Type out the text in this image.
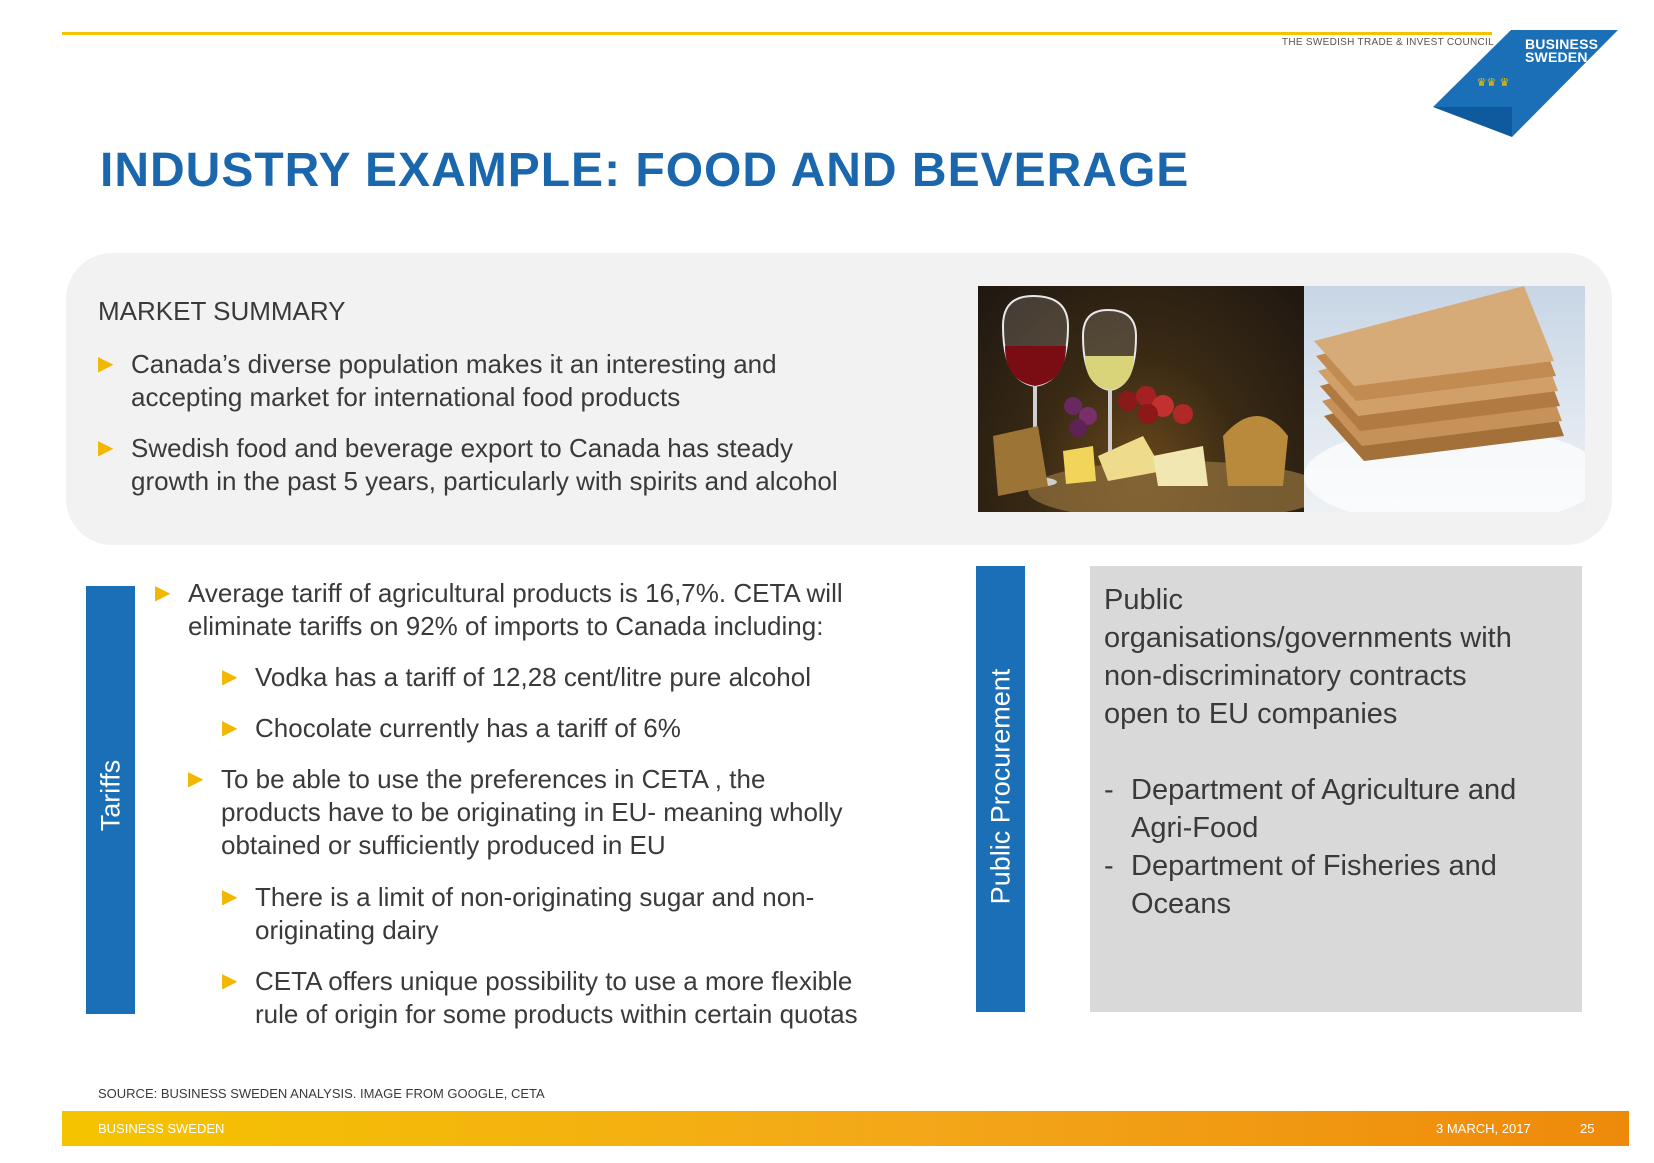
THE SWEDISH TRADE & INVEST COUNCIL BUSINESS
SWEDEN
♛♛ ♛
INDUSTRY EXAMPLE: FOOD AND BEVERAGE
MARKET SUMMARY
▶ Canada’s diverse population makes it an interesting and
accepting market for international food products
▶ Swedish food and beverage export to Canada has steady
growth in the past 5 years, particularly with spirits and alcohol
Tariffs
▶ Average tariff of agricultural products is 16,7%. CETA will
eliminate tariffs on 92% of imports to Canada including:
▶ Vodka has a tariff of 12,28 cent/litre pure alcohol
▶ Chocolate currently has a tariff of 6%
▶ To be able to use the preferences in CETA , the
products have to be originating in EU- meaning wholly
obtained or sufficiently produced in EU
▶ There is a limit of non-originating sugar and non-
originating dairy
▶ CETA offers unique possibility to use a more flexible
rule of origin for some products within certain quotas
Public Procurement
Public
organisations/governments with
non-discriminatory contracts
open to EU companies
- Department of Agriculture and
Agri-Food
- Department of Fisheries and
Oceans
SOURCE: BUSINESS SWEDEN ANALYSIS. IMAGE FROM GOOGLE, CETA
BUSINESS SWEDEN	3 MARCH, 2017	25
